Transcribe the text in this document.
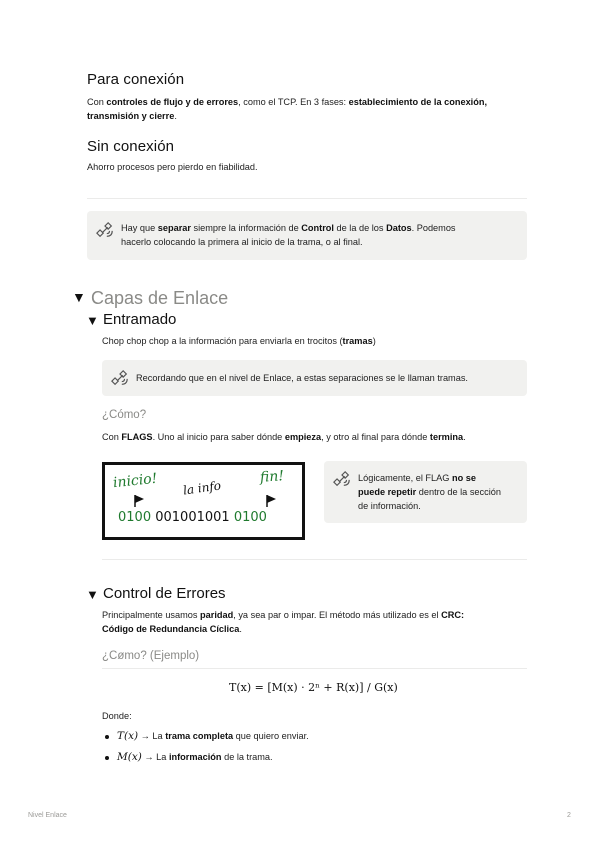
Para conexión
Con controles de flujo y de errores, como el TCP. En 3 fases: establecimiento de la conexión,
transmisión y cierre.
Sin conexión
Ahorro procesos pero pierdo en fiabilidad.
Hay que separar siempre la información de Control de la de los Datos. Podemos
hacerlo colocando la primera al inicio de la trama, o al final.
▼ Capas de Enlace
▼ Entramado
Chop chop chop a la información para enviarla en trocitos (tramas)
Recordando que en el nivel de Enlace, a estas separaciones se le llaman tramas.
¿Cómo?
Con FLAGS. Uno al inicio para saber dónde empieza, y otro al final para dónde termina.
inicio! la info
fin!
0100 001001001 0100
Lógicamente, el FLAG no se
puede repetir dentro de la sección
de información.
▼ Control de Errores
Principalmente usamos paridad, ya sea par o impar. El método más utilizado es el CRC:
Código de Redundancia Cíclica.
¿Cømo? (Ejemplo)
T(x) = [M(x) · 2ⁿ + R(x)] / G(x)
Donde:
T(x) → La trama completa que quiero enviar.
M(x) → La información de la trama.
Nivel Enlace	2
